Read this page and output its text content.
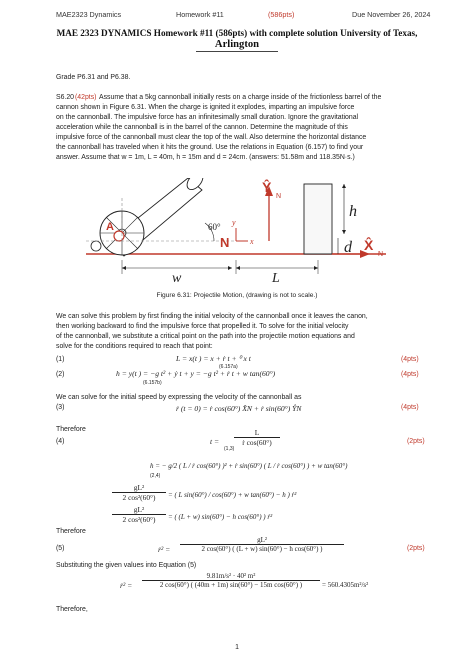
MAE2323 Dynamics	Homework #11	(586pts)	Due November 26, 2024
MAE 2323 DYNAMICS Homework #11 (586pts) with complete solution University of Texas,
Arlington
Grade P6.31 and P6.38.
S6.20 (42pts) Assume that a 5kg cannonball initially rests on a charge inside of the frictionless barrel of the
cannon shown in Figure 6.31. When the charge is ignited it explodes, imparting an impulsive force
on the cannonball. The impulsive force has an infinitesimally small duration. Ignore the gravitational
acceleration while the cannonball is in the barrel of the cannon. Determine the magnitude of this
impulsive force of the cannonball must clear the top of the wall. Also determine the horizontal distance
the cannonball has traveled when it hits the ground. Use the relations in Equation (6.157) to find your
answer. Assume that w = 1m, L = 40m, h = 15m and d = 24cm. (answers: 51.58m and 118.35N·s.)
60°
h
d
w	L
Ŷ
N
X̂
N
N	x
y
A
Figure 6.31: Projectile Motion, (drawing is not to scale.)
We can solve this problem by first finding the initial velocity of the cannonball once it leaves the canon,
then working backward to find the impulsive force that propelled it. To solve for the initial velocity
of the cannonball, we substitute a critical point on the path into the projectile motion equations and
solve for the conditions required to reach that point:
(1)	L = x(t ) = x + ṙ t + ⁰ x t
(6.157a)
(4pts)
(2)	h = y(t ) = −g t² + ẏ t + y = −g t² + ṙ t + w tan(60°)
(6.157b)
(4pts)
We can solve for the initial speed by expressing the velocity of the cannonball as
(3)	ṙ (t = 0) = ṙ cos(60°) X̂N + ṙ sin(60°) ŶN	(4pts)
Therefore
(4)	$t = \frac{L}{\text{ṙ cos(60°)}}$
(1,3)
(2pts)
h = − g/2 ( L / ṙ cos(60°) )² + ṙ sin(60°) ( L / ṙ cos(60°) ) + w tan(60°)
(2,4)
$\frac{\text{gL²}}{\text{2 cos²(60°)}}$ = ( L sin(60°) / cos(60°) + w tan(60°) − h ) ṙ²
$\frac{\text{gL²}}{\text{2 cos²(60°)}}$ = ( (L + w) sin(60°) − h cos(60°) ) ṙ²
Therefore
(5)	ṙ² = $\frac{\text{gL²}}{\text{2 cos(60°) ( (L + w) sin(60°) − h cos(60°) )}}$	(2pts)
Substituting the given values into Equation (5)
ṙ² = $\frac{\text{9.81m/s² · 40² m²}}{\text{2 cos(60°) ( (40m + 1m) sin(60°) − 15m cos(60°) )}} = 560.4305m^2/s^2$
Therefore,
1
